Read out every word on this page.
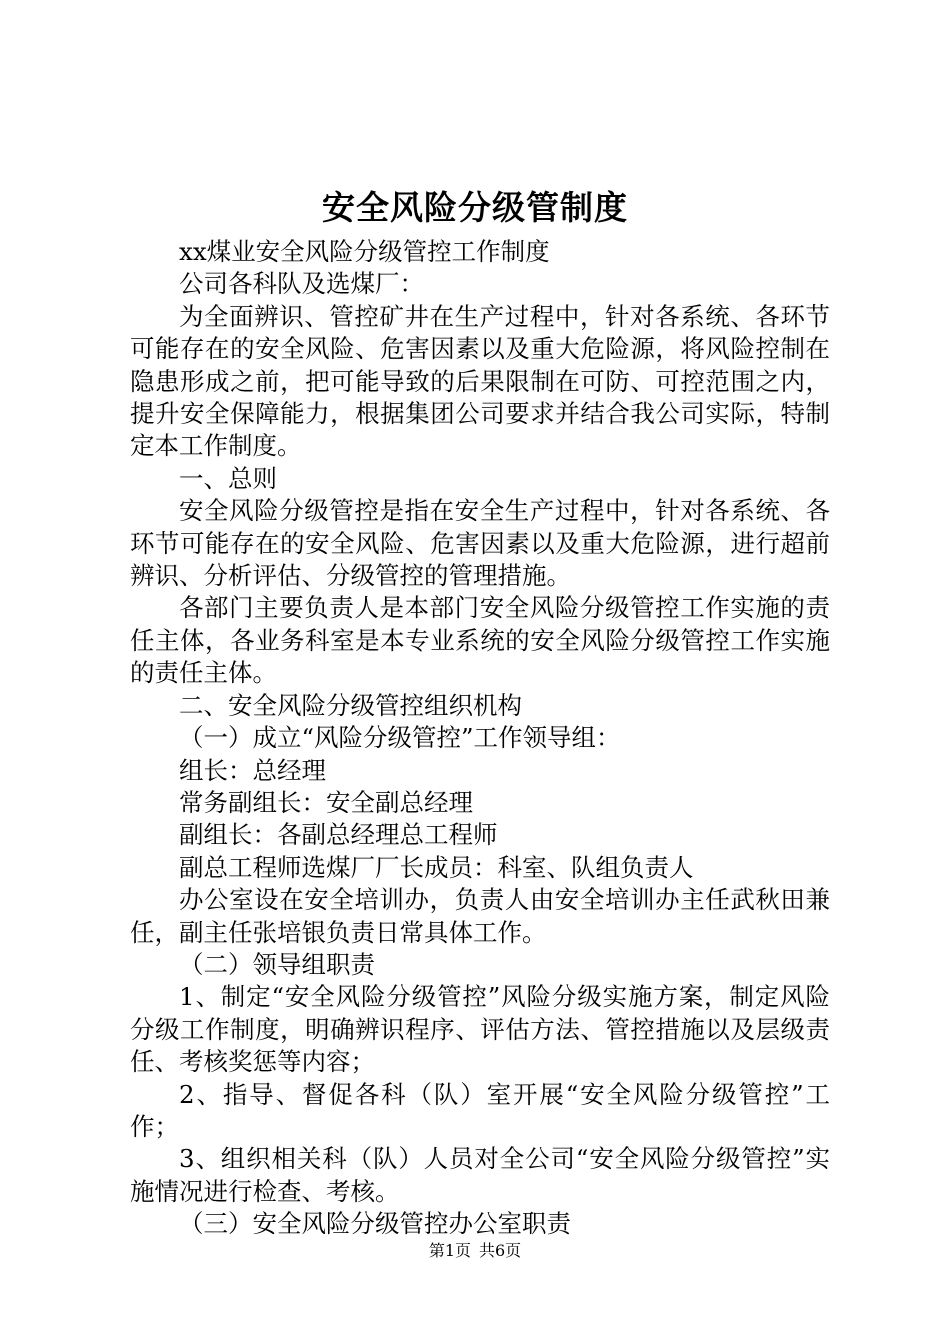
安全风险分级管制度

xx煤业安全风险分级管控工作制度

公司各科队及选煤厂：

为全面辨识、管控矿井在生产过程中，针对各系统、各环节可能存在的安全风险、危害因素以及重大危险源，将风险控制在隐患形成之前，把可能导致的后果限制在可防、可控范围之内，提升安全保障能力，根据集团公司要求并结合我公司实际，特制定本工作制度。

一、总则

安全风险分级管控是指在安全生产过程中，针对各系统、各环节可能存在的安全风险、危害因素以及重大危险源，进行超前辨识、分析评估、分级管控的管理措施。

各部门主要负责人是本部门安全风险分级管控工作实施的责任主体，各业务科室是本专业系统的安全风险分级管控工作实施的责任主体。

二、安全风险分级管控组织机构

（一）成立“风险分级管控”工作领导组：

组长：总经理

常务副组长：安全副总经理

副组长：各副总经理总工程师

副总工程师选煤厂厂长成员：科室、队组负责人

办公室设在安全培训办，负责人由安全培训办主任武秋田兼任，副主任张培银负责日常具体工作。

（二）领导组职责

1、制定“安全风险分级管控”风险分级实施方案，制定风险分级工作制度，明确辨识程序、评估方法、管控措施以及层级责任、考核奖惩等内容；

2、指导、督促各科（队）室开展“安全风险分级管控”工作；

3、组织相关科（队）人员对全公司“安全风险分级管控”实施情况进行检查、考核。

（三）安全风险分级管控办公室职责

第1页 共6页
